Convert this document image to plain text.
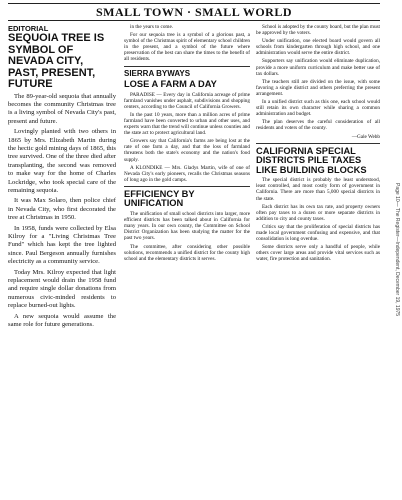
SMALL TOWN · SMALL WORLD
Page 10— The Register—Independent, December 19, 1975
EDITORIAL
SEQUOIA TREE IS SYMBOL OF NEVADA CITY, PAST, PRESENT, FUTURE

The 89-year-old sequoia that annually becomes the community Christmas tree is a living symbol of Nevada City's past, present and future.

Lovingly planted with two others in 1865 by Mrs. Elizabeth Martin during the hectic gold mining days of 1865, this tree survived. One of the three died after transplanting, the second was removed to make way for the home of Charles Lockridge, who took special care of the remaining sequoia.

It was Max Solaro, then police chief in Nevada City, who first decorated the tree at Christmas in 1950.

In 1958, funds were collected by Elsa Kilroy for a "Living Christmas Tree Fund" which has kept the tree lighted since. Paul Bergeson annually furnishes electricity as a community service.

Today Mrs. Kilroy expected that light replacement would drain the 1958 fund and require single dollar donations from numerous civic-minded residents to replace burned-out lights.

A new sequoia would assume the same role for future generations.

in the years to come.

For our sequoia tree is a symbol of a glorious past, a symbol of the Christmas spirit of elementary school children in the present, and a symbol of the future where preservation of the best can share the times to the benefit of all residents.

SIERRA BYWAYS
LOSE A FARM A DAY

PARADISE — Every day in California acreage of prime farmland vanishes under asphalt, subdivisions and shopping centers, according to the Council of California Growers.

In the past 10 years, more than a million acres of prime farmland have been converted to urban and other uses, and experts warn that the trend will continue unless counties and the state act to protect agricultural land.

Growers say that California's farms are being lost at the rate of one farm a day, and that the loss of farmland threatens both the state's economy and the nation's food supply.

A KLONDIKE — Mrs. Gladys Martin, wife of one of Nevada City's early pioneers, recalls the Christmas seasons of long ago in the gold camps.

EFFICIENCY BY UNIFICATION

The unification of small school districts into larger, more efficient districts has been talked about in California for many years. In our own county, the Committee on School District Organization has been studying the matter for the past two years.

The committee, after considering other possible solutions, recommends a unified district for the county high school and the elementary districts it serves.

School is adopted by the county board, but the plan must be approved by the voters.

Under unification, one elected board would govern all schools from kindergarten through high school, and one administration would serve the entire district.

Supporters say unification would eliminate duplication, provide a more uniform curriculum and make better use of tax dollars.

The teachers still are divided on the issue, with some favoring a single district and others preferring the present arrangement.

In a unified district such as this one, each school would still retain its own character while sharing a common administration and budget.

The plan deserves the careful consideration of all residents and voters of the county.

—Gale Webb
CALIFORNIA SPECIAL DISTRICTS PILE TAXES LIKE BUILDING BLOCKS

The special district is probably the least understood, least controlled, and most costly form of government in California. There are more than 5,000 special districts in the state.

Each district has its own tax rate, and property owners often pay taxes to a dozen or more separate districts in addition to city and county taxes.

Critics say that the proliferation of special districts has made local government confusing and expensive, and that consolidation is long overdue.

Some districts serve only a handful of people, while others cover large areas and provide vital services such as water, fire protection and sanitation.
